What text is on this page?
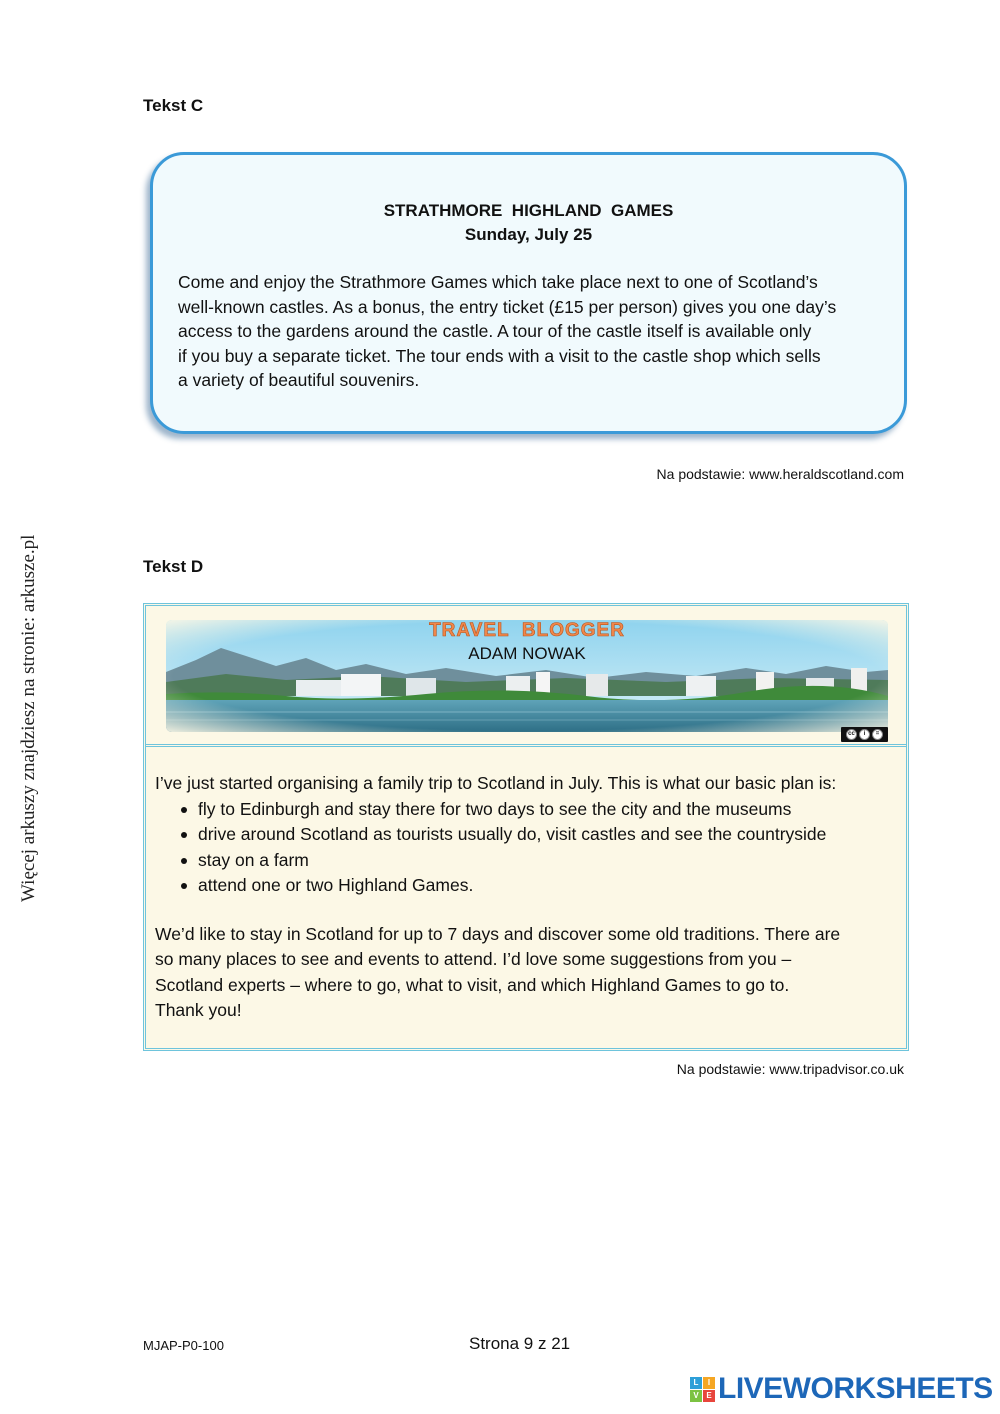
Więcej arkuszy znajdziesz na stronie: arkusze.pl
Tekst C
STRATHMORE  HIGHLAND  GAMES
Sunday, July 25
Come and enjoy the Strathmore Games which take place next to one of Scotland’s
well-known castles. As a bonus, the entry ticket (£15 per person) gives you one day’s
access to the gardens around the castle. A tour of the castle itself is available only
if you buy a separate ticket. The tour ends with a visit to the castle shop which sells
a variety of beautiful souvenirs.
Na podstawie: www.heraldscotland.com
Tekst D
TRAVEL  BLOGGER
ADAM NOWAK
cc	i	=
I’ve just started organising a family trip to Scotland in July. This is what our basic plan is:
fly to Edinburgh and stay there for two days to see the city and the museums
drive around Scotland as tourists usually do, visit castles and see the countryside
stay on a farm
attend one or two Highland Games.
We’d like to stay in Scotland for up to 7 days and discover some old traditions. There are
so many places to see and events to attend. I’d love some suggestions from you –
Scotland experts – where to go, what to visit, and which Highland Games to go to.
Thank you!
Na podstawie: www.tripadvisor.co.uk
MJAP-P0-100	Strona 9 z 21
L	I
V E LIVEWORKSHEETS
